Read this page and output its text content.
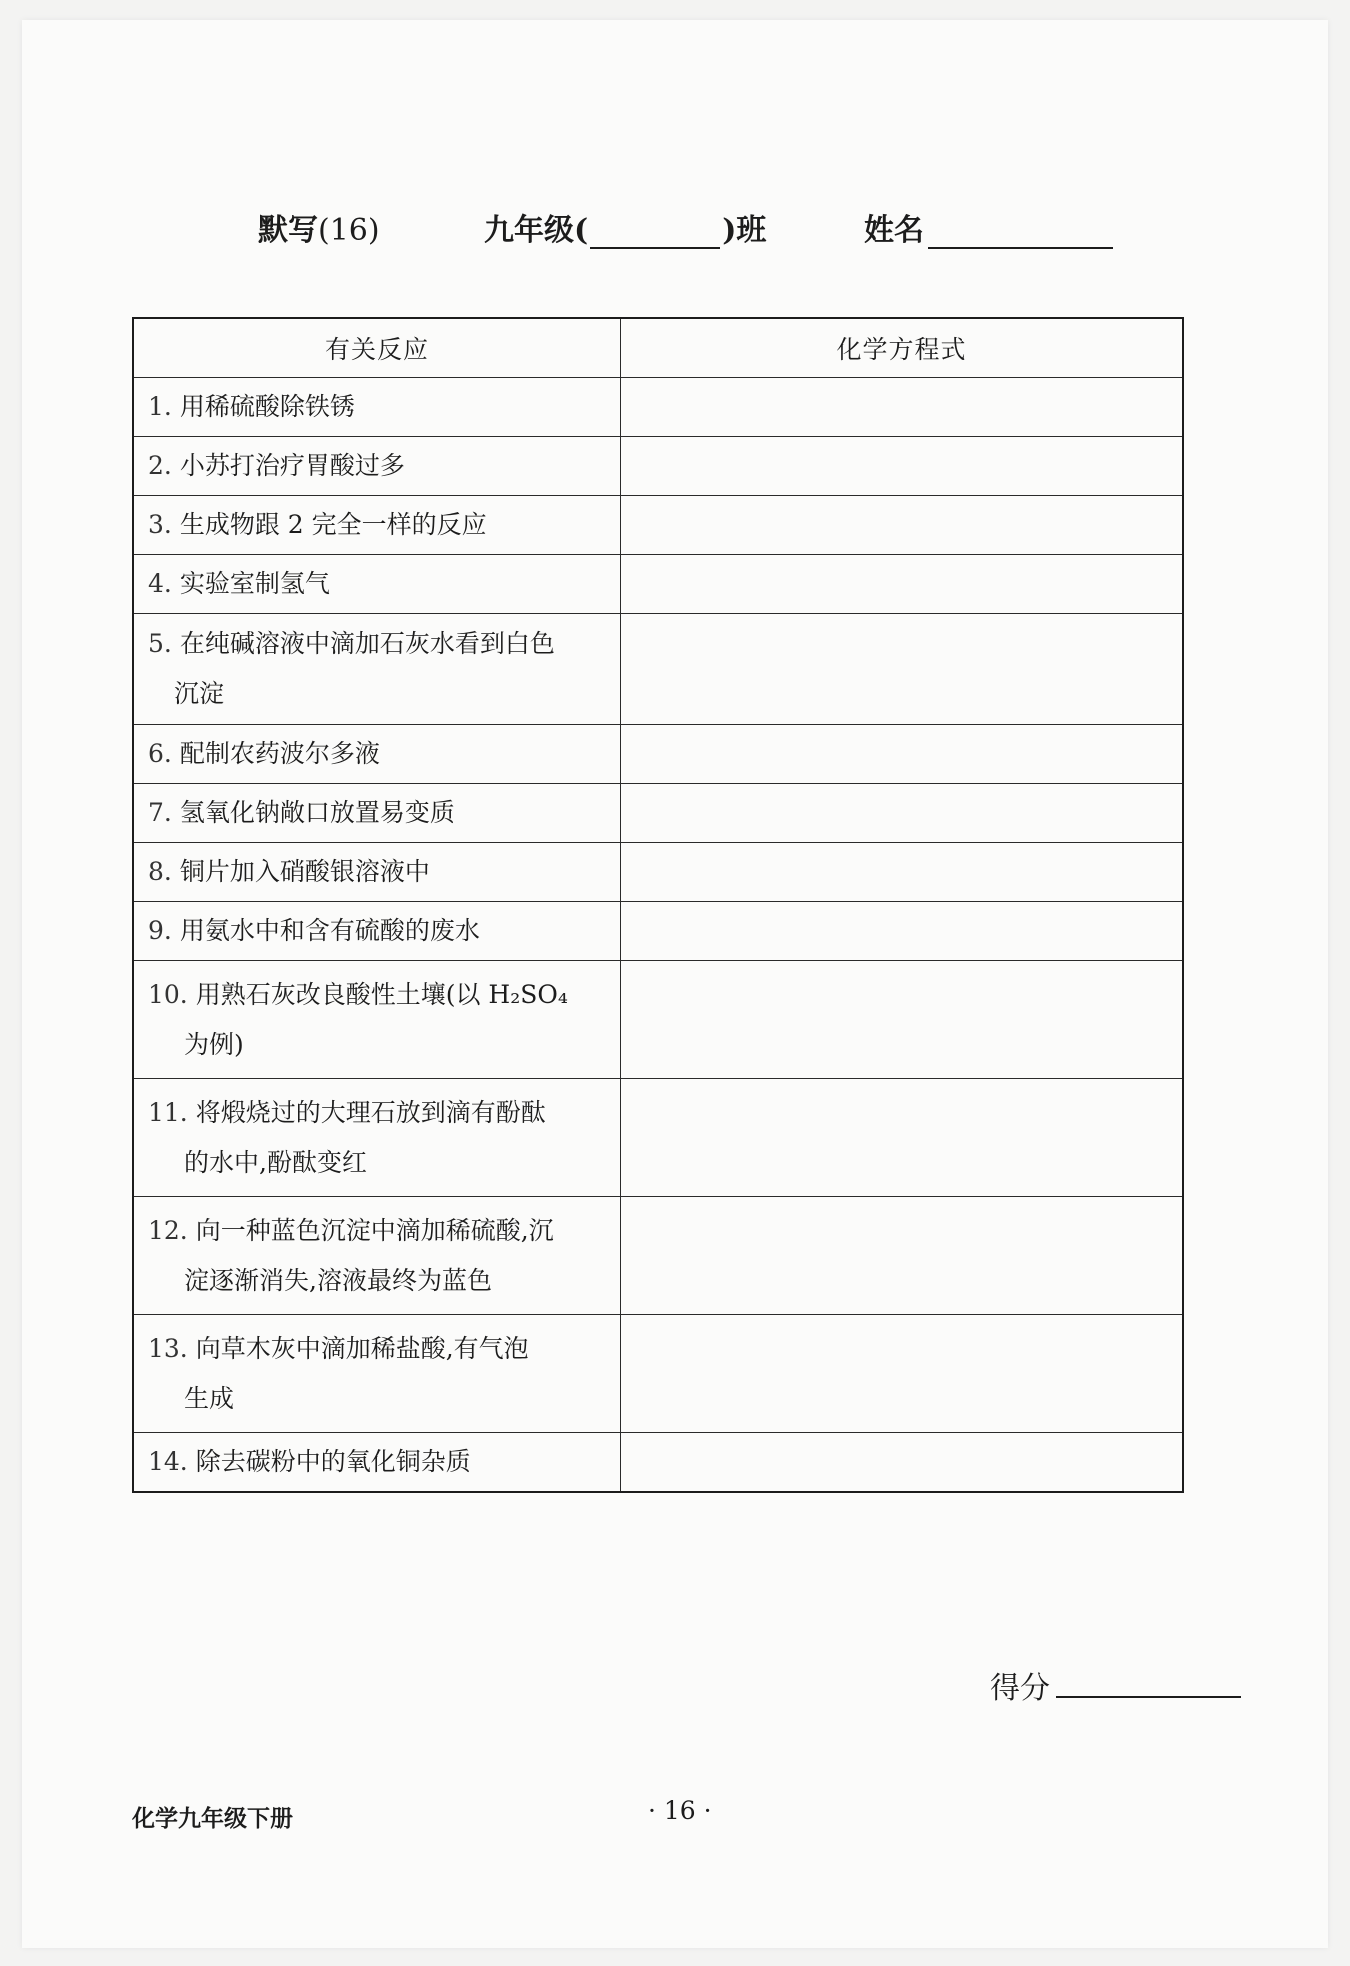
默写(16)	九年级(	)班	姓名
有关反应	化学方程式

1. 用稀硫酸除铁锈	

2. 小苏打治疗胃酸过多	

3. 生成物跟 2 完全一样的反应	

4. 实验室制氢气	

5. 在纯碱溶液中滴加石灰水看到白色
沉淀	

6. 配制农药波尔多液	

7. 氢氧化钠敞口放置易变质	

8. 铜片加入硝酸银溶液中	

9. 用氨水中和含有硫酸的废水	

10. 用熟石灰改良酸性土壤(以 H₂SO₄
为例)	

11. 将煅烧过的大理石放到滴有酚酞
的水中,酚酞变红	

12. 向一种蓝色沉淀中滴加稀硫酸,沉
淀逐渐消失,溶液最终为蓝色	

13. 向草木灰中滴加稀盐酸,有气泡
生成	

14. 除去碳粉中的氧化铜杂质	

得分
化学九年级下册	· 16 ·
